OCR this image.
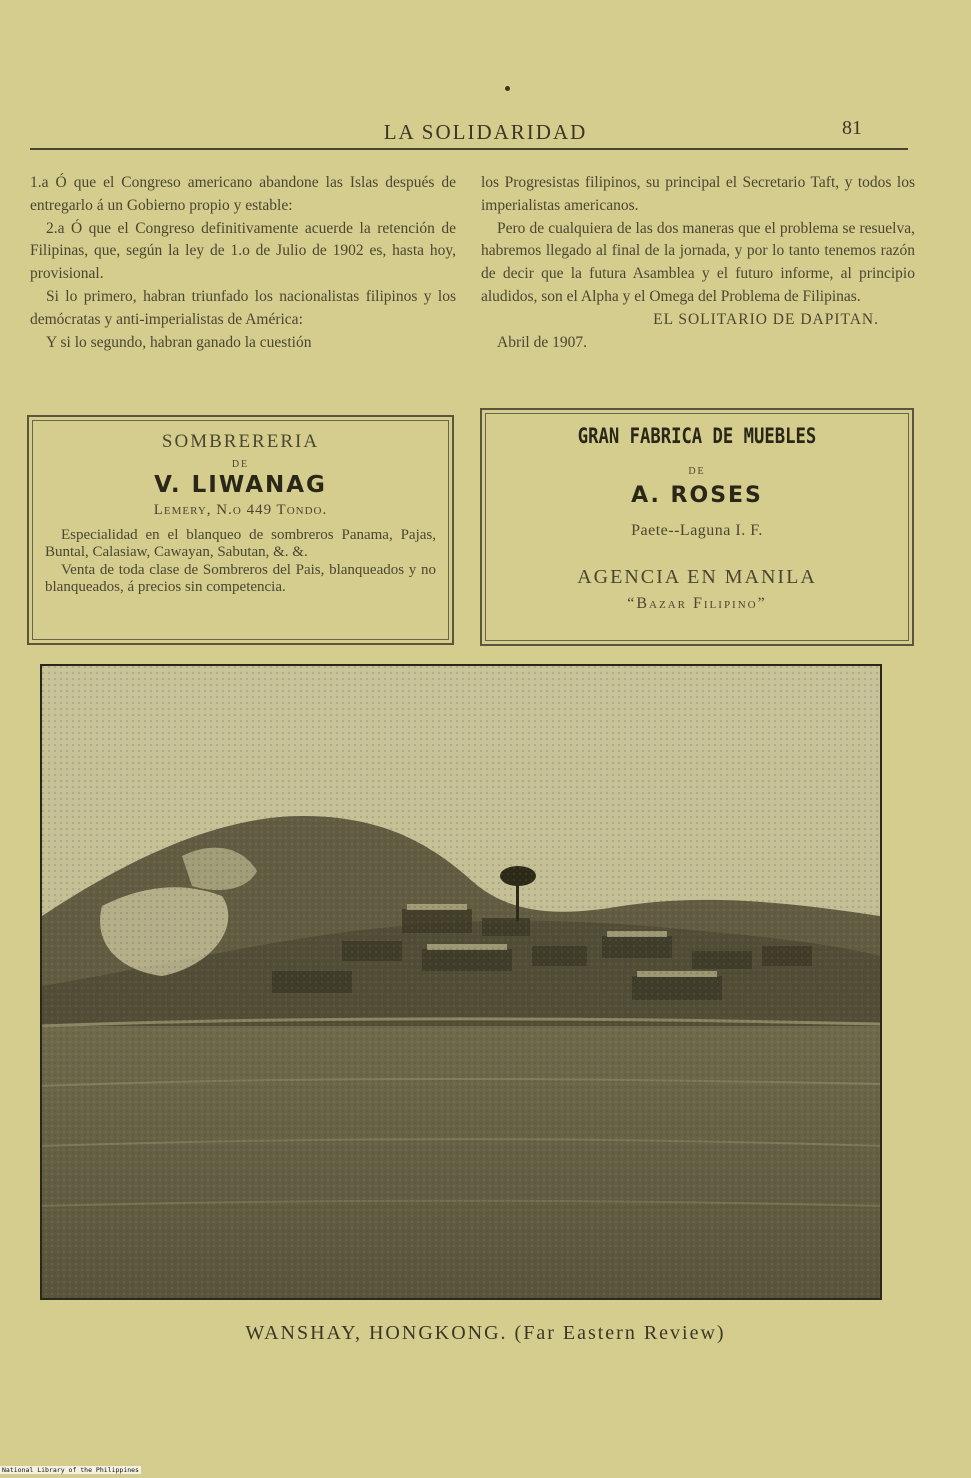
LA SOLIDARIDAD	81

1.a Ó que el Congreso americano abandone las Islas después de entregarlo á un Gobierno propio y estable:

2.a Ó que el Congreso definitivamente acuerde la retención de Filipinas, que, según la ley de 1.o de Julio de 1902 es, hasta hoy, provisional.

Si lo primero, habran triunfado los nacionalistas filipinos y los demócratas y anti-imperialistas de América:

Y si lo segundo, habran ganado la cuestión

los Progresistas filipinos, su principal el Secretario Taft, y todos los imperialistas americanos.

Pero de cualquiera de las dos maneras que el problema se resuelva, habremos llegado al final de la jornada, y por lo tanto tenemos razón de decir que la futura Asamblea y el futuro informe, al principio aludidos, son el Alpha y el Omega del Problema de Filipinas.

EL SOLITARIO DE DAPITAN.

Abril de 1907.

SOMBRERERIA
DE
V. LIWANAG
Lemery, N.o 449 Tondo.
Especialidad en el blanqueo de sombreros Panama, Pajas, Buntal, Calasiaw, Cawayan, Sabutan, &. &.
Venta de toda clase de Sombreros del Pais, blanqueados y no blanqueados, á precios sin competencia.
GRAN FABRICA DE MUEBLES
DE
A. ROSES
Paete--Laguna I. F.
AGENCIA EN MANILA
“Bazar Filipino”
WANSHAY, HONGKONG. (Far Eastern Review)
National Library of the Philippines
